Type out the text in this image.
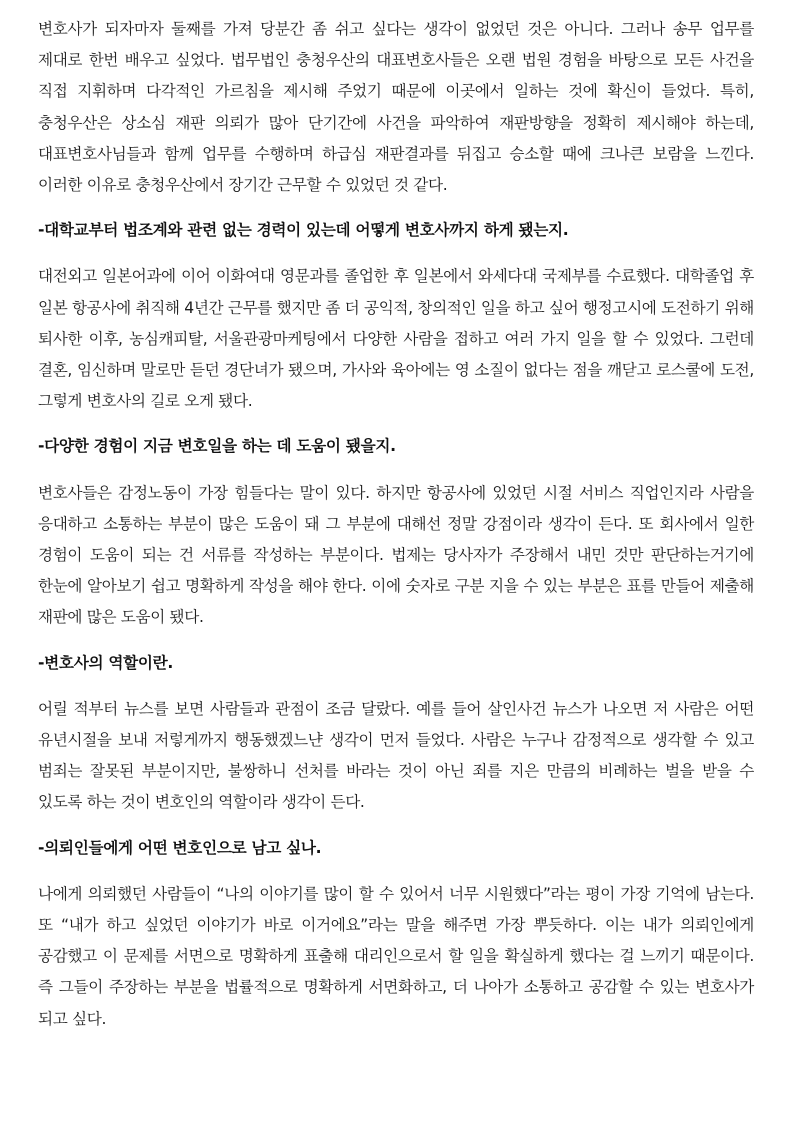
변호사가 되자마자 둘째를 가져 당분간 좀 쉬고 싶다는 생각이 없었던 것은 아니다. 그러나 송무 업무를 제대로 한번 배우고 싶었다. 법무법인 충청우산의 대표변호사들은 오랜 법원 경험을 바탕으로 모든 사건을 직접 지휘하며 다각적인 가르침을 제시해 주었기 때문에 이곳에서 일하는 것에 확신이 들었다. 특히, 충청우산은 상소심 재판 의뢰가 많아 단기간에 사건을 파악하여 재판방향을 정확히 제시해야 하는데, 대표변호사님들과 함께 업무를 수행하며 하급심 재판결과를 뒤집고 승소할 때에 크나큰 보람을 느낀다. 이러한 이유로 충청우산에서 장기간 근무할 수 있었던 것 같다.

-대학교부터 법조계와 관련 없는 경력이 있는데 어떻게 변호사까지 하게 됐는지.

대전외고 일본어과에 이어 이화여대 영문과를 졸업한 후 일본에서 와세다대 국제부를 수료했다. 대학졸업 후 일본 항공사에 취직해 4년간 근무를 했지만 좀 더 공익적, 창의적인 일을 하고 싶어 행정고시에 도전하기 위해 퇴사한 이후, 농심캐피탈, 서울관광마케팅에서 다양한 사람을 접하고 여러 가지 일을 할 수 있었다. 그런데 결혼, 임신하며 말로만 듣던 경단녀가 됐으며, 가사와 육아에는 영 소질이 없다는 점을 깨닫고 로스쿨에 도전, 그렇게 변호사의 길로 오게 됐다.

-다양한 경험이 지금 변호일을 하는 데 도움이 됐을지.

변호사들은 감정노동이 가장 힘들다는 말이 있다. 하지만 항공사에 있었던 시절 서비스 직업인지라 사람을 응대하고 소통하는 부분이 많은 도움이 돼 그 부분에 대해선 정말 강점이라 생각이 든다. 또 회사에서 일한 경험이 도움이 되는 건 서류를 작성하는 부분이다. 법제는 당사자가 주장해서 내민 것만 판단하는거기에 한눈에 알아보기 쉽고 명확하게 작성을 해야 한다. 이에 숫자로 구분 지을 수 있는 부분은 표를 만들어 제출해 재판에 많은 도움이 됐다.

-변호사의 역할이란.

어릴 적부터 뉴스를 보면 사람들과 관점이 조금 달랐다. 예를 들어 살인사건 뉴스가 나오면 저 사람은 어떤 유년시절을 보내 저렇게까지 행동했겠느냔 생각이 먼저 들었다. 사람은 누구나 감정적으로 생각할 수 있고 범죄는 잘못된 부분이지만, 불쌍하니 선처를 바라는 것이 아닌 죄를 지은 만큼의 비례하는 벌을 받을 수 있도록 하는 것이 변호인의 역할이라 생각이 든다.

-의뢰인들에게 어떤 변호인으로 남고 싶나.

나에게 의뢰했던 사람들이 “나의 이야기를 많이 할 수 있어서 너무 시원했다”라는 평이 가장 기억에 남는다. 또 “내가 하고 싶었던 이야기가 바로 이거에요”라는 말을 해주면 가장 뿌듯하다. 이는 내가 의뢰인에게 공감했고 이 문제를 서면으로 명확하게 표출해 대리인으로서 할 일을 확실하게 했다는 걸 느끼기 때문이다. 즉 그들이 주장하는 부분을 법률적으로 명확하게 서면화하고, 더 나아가 소통하고 공감할 수 있는 변호사가 되고 싶다.
